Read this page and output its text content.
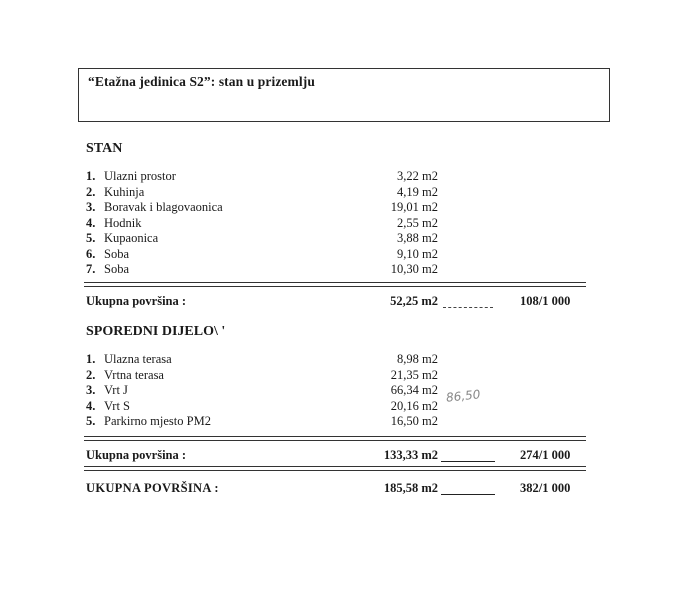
“Etažna jedinica S2”: stan u prizemlju
STAN
1. Ulazni prostor	3,22 m2
2. Kuhinja	4,19 m2
3. Boravak i blagovaonica	19,01 m2
4. Hodnik	2,55 m2
5. Kupaonica	3,88 m2
6. Soba	9,10 m2
7. Soba	10,30 m2
Ukupna površina :	52,25 m2	108/1 000
SPOREDNI DIJELO\ '
1. Ulazna terasa	8,98 m2
2. Vrtna terasa	21,35 m2
3. Vrt J	66,34 m2
4. Vrt S	20,16 m2
5. Parkirno mjesto PM2	16,50 m2
86,50
Ukupna površina :	133,33 m2	274/1 000
UKUPNA POVRŠINA :	185,58 m2	382/1 000
